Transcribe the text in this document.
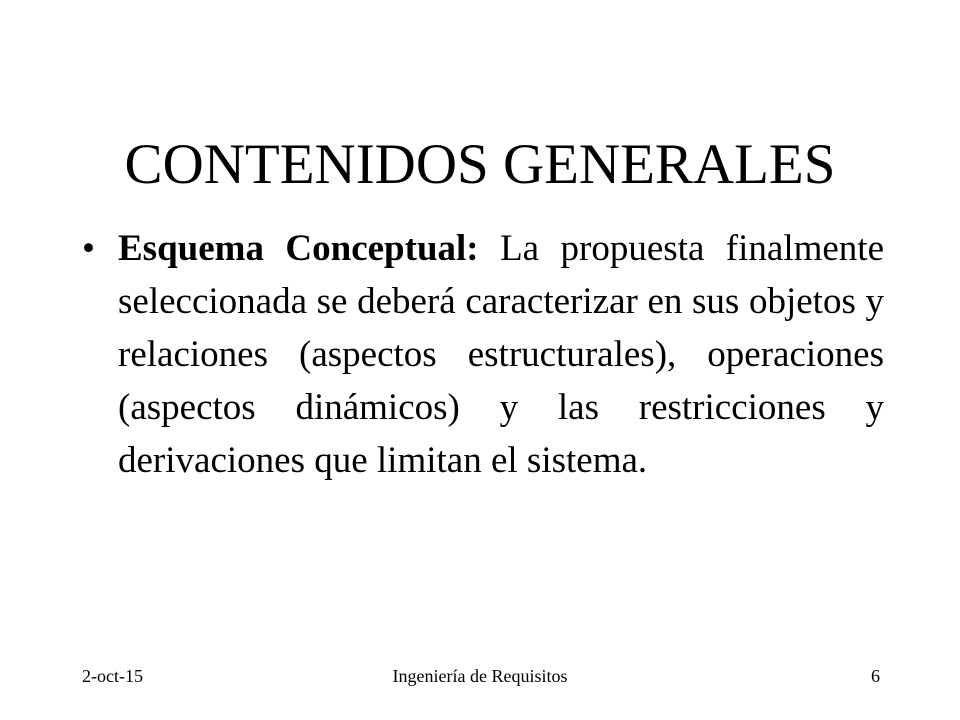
CONTENIDOS GENERALES
• Esquema Conceptual: La propuesta finalmente seleccionada se deberá caracterizar en sus objetos y relaciones (aspectos estructurales), operaciones (aspectos dinámicos) y las restricciones y derivaciones que limitan el sistema.
2-oct-15	Ingeniería de Requisitos	6
